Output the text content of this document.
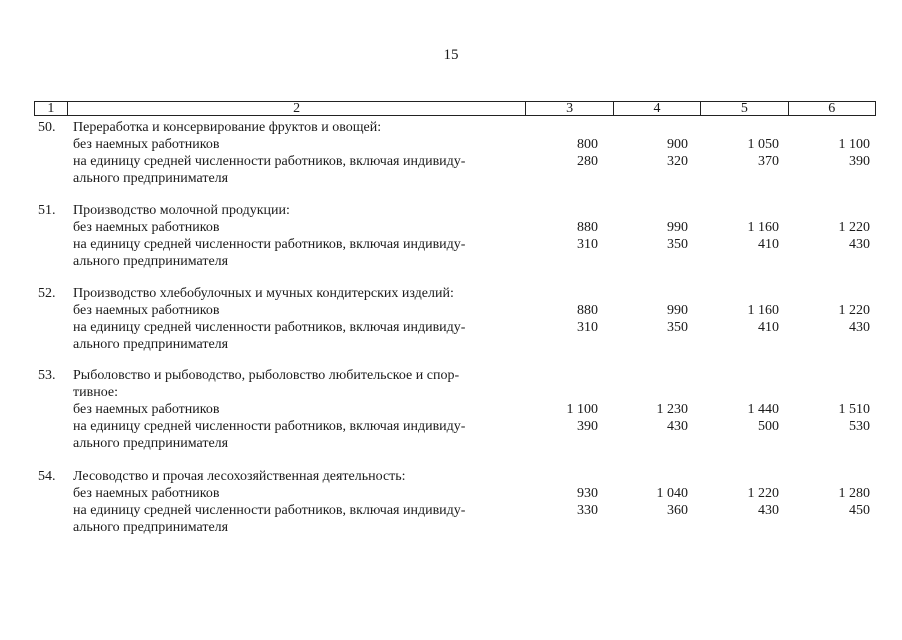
15
1	2	3	4	5	6
50. Переработка и консервирование фруктов и овощей:
без наемных работников	800	900	1 050	1 100
на единицу средней численности работников, включая индивиду-	280	320	370	390
ального предпринимателя
51. Производство молочной продукции:
без наемных работников	880	990	1 160	1 220
на единицу средней численности работников, включая индивиду-	310	350	410	430
ального предпринимателя
52. Производство хлебобулочных и мучных кондитерских изделий:
без наемных работников	880	990	1 160	1 220
на единицу средней численности работников, включая индивиду-	310	350	410	430
ального предпринимателя
53. Рыболовство и рыбоводство, рыболовство любительское и спор-
тивное:
без наемных работников	1 100	1 230	1 440	1 510
на единицу средней численности работников, включая индивиду-	390	430	500	530
ального предпринимателя
54. Лесоводство и прочая лесохозяйственная деятельность:
без наемных работников	930	1 040	1 220	1 280
на единицу средней численности работников, включая индивиду-	330	360	430	450
ального предпринимателя
